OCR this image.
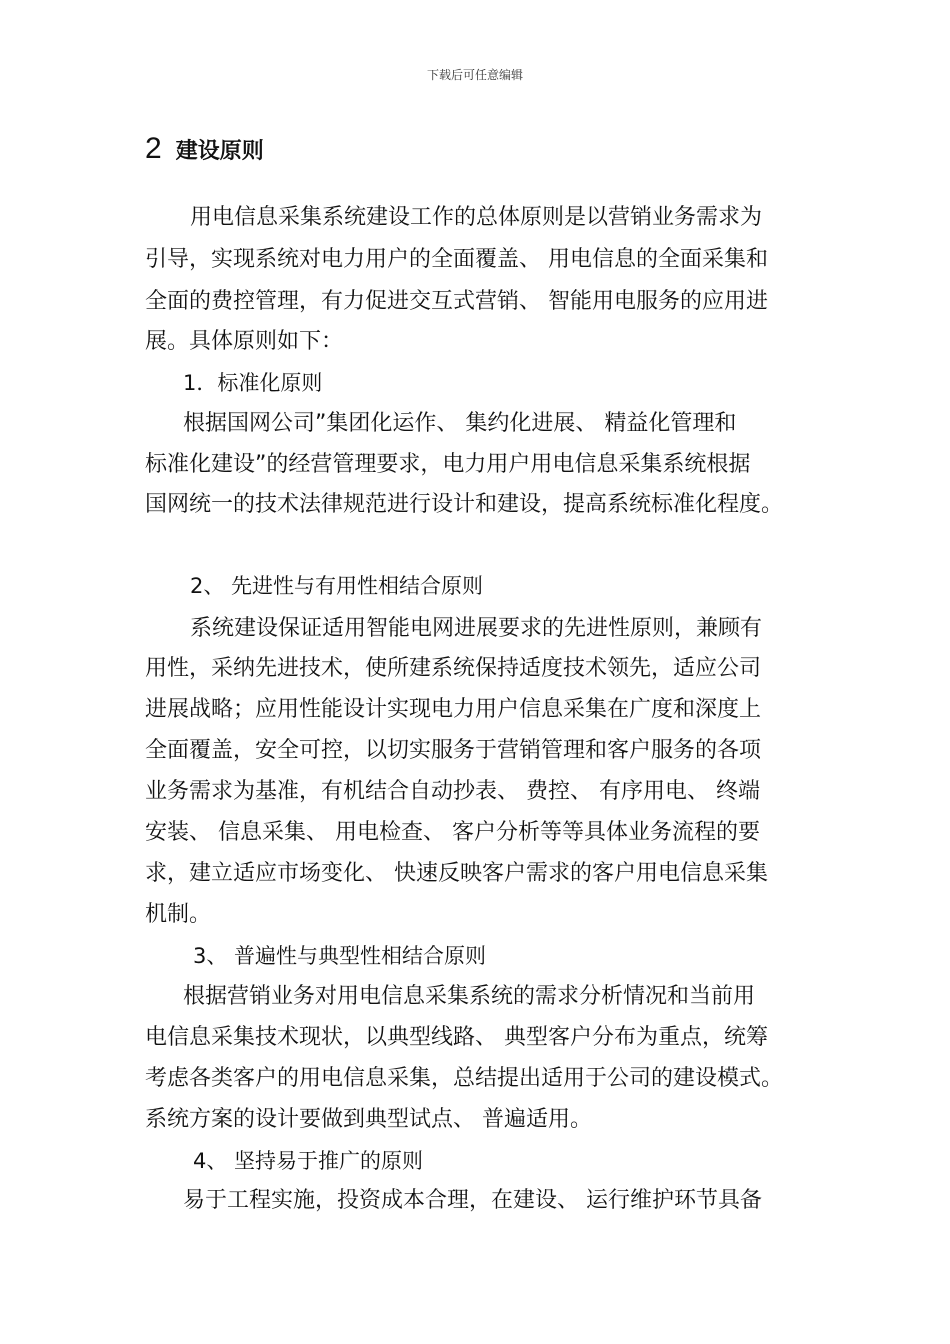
下载后可任意编辑
2 建设原则
用电信息采集系统建设工作的总体原则是以营销业务需求为
引导，实现系统对电力用户的全面覆盖、 用电信息的全面采集和
全面的费控管理，有力促进交互式营销、 智能用电服务的应用进
展。具体原则如下：
1．标准化原则
根据国网公司”集团化运作、 集约化进展、 精益化管理和
标准化建设”的经营管理要求，电力用户用电信息采集系统根据
国网统一的技术法律规范进行设计和建设，提高系统标准化程度。
2、 先进性与有用性相结合原则
系统建设保证适用智能电网进展要求的先进性原则，兼顾有
用性，采纳先进技术，使所建系统保持适度技术领先，适应公司
进展战略；应用性能设计实现电力用户信息采集在广度和深度上
全面覆盖，安全可控，以切实服务于营销管理和客户服务的各项
业务需求为基准，有机结合自动抄表、 费控、 有序用电、 终端
安装、 信息采集、 用电检查、 客户分析等等具体业务流程的要
求，建立适应市场变化、 快速反映客户需求的客户用电信息采集
机制。
3、 普遍性与典型性相结合原则
根据营销业务对用电信息采集系统的需求分析情况和当前用
电信息采集技术现状，以典型线路、 典型客户分布为重点，统筹
考虑各类客户的用电信息采集，总结提出适用于公司的建设模式。
系统方案的设计要做到典型试点、 普遍适用。
4、 坚持易于推广的原则
易于工程实施，投资成本合理，在建设、 运行维护环节具备
